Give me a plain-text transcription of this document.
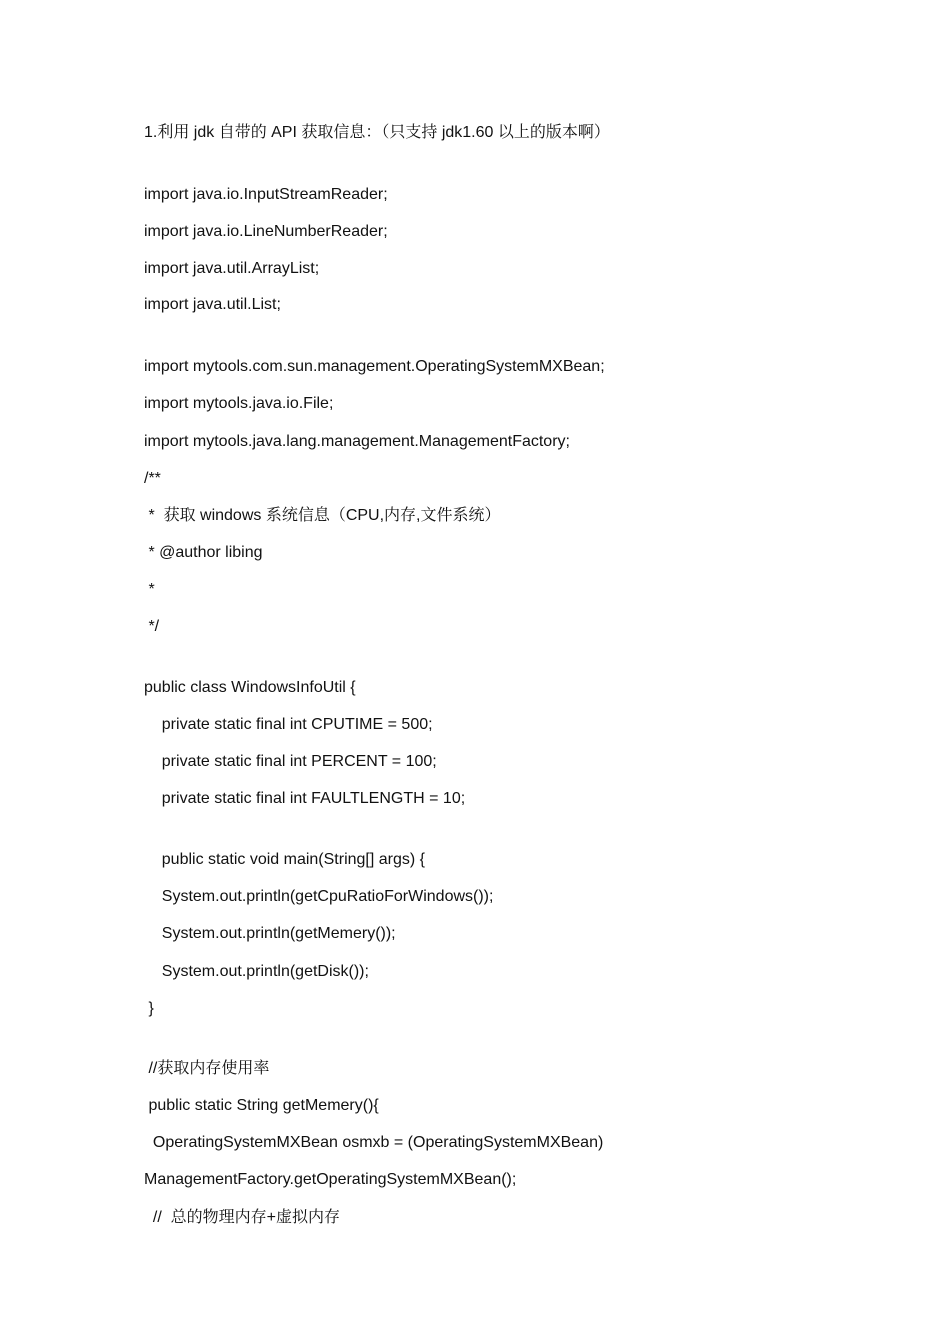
1.利用 jdk 自带的 API 获取信息：（只支持 jdk1.60 以上的版本啊）
import java.io.InputStreamReader;
import java.io.LineNumberReader;
import java.util.ArrayList;
import java.util.List;
import mytools.com.sun.management.OperatingSystemMXBean;
import mytools.java.io.File;
import mytools.java.lang.management.ManagementFactory;
/**
*  获取 windows 系统信息（CPU,内存,文件系统）
* @author libing
*
*/
public class WindowsInfoUtil {
private static final int CPUTIME = 500;
private static final int PERCENT = 100;
private static final int FAULTLENGTH = 10;
public static void main(String[] args) {
System.out.println(getCpuRatioForWindows());
System.out.println(getMemery());
System.out.println(getDisk());
}
//获取内存使用率
public static String getMemery(){
OperatingSystemMXBean osmxb = (OperatingSystemMXBean)
ManagementFactory.getOperatingSystemMXBean();
//  总的物理内存+虚拟内存
